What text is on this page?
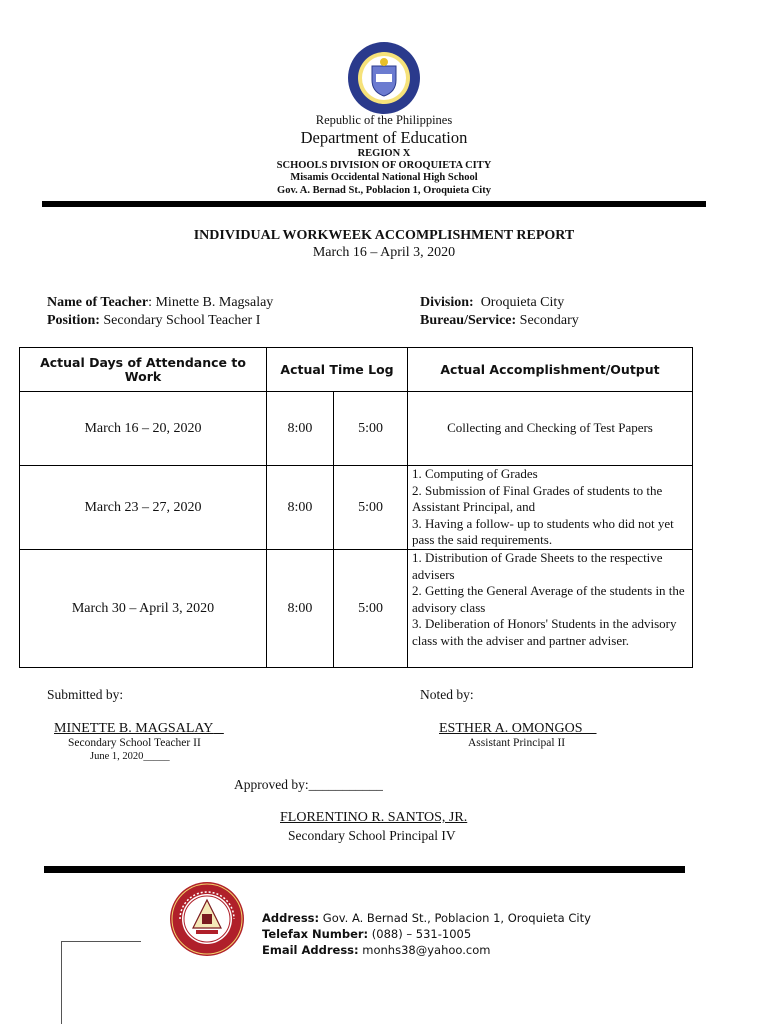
Republic of the Philippines
Department of Education
REGION X
SCHOOLS DIVISION OF OROQUIETA CITY
Misamis Occidental National High School
Gov. A. Bernad St., Poblacion 1, Oroquieta City
INDIVIDUAL WORKWEEK ACCOMPLISHMENT REPORT
March 16 – April 3, 2020
Name of Teacher: Minette B. Magsalay
Position: Secondary School Teacher I
Division: Oroquieta City
Bureau/Service: Secondary
Actual Days of Attendance to Work	Actual Time Log		Actual Accomplishment/Output
March 16 – 20, 2020	8:00	5:00	Collecting and Checking of Test Papers

March 23 – 27, 2020	8:00	5:00	1. Computing of Grades
2. Submission of Final Grades of students to the Assistant Principal, and
3. Having a follow- up to students who did not yet pass the said requirements.

March 30 – April 3, 2020	8:00	5:00	1. Distribution of Grade Sheets to the respective advisers
2. Getting the General Average of the students in the advisory class
3. Deliberation of Honors' Students in the advisory class with the adviser and partner adviser.
Submitted by:	Noted by:
MINETTE B. MAGSALAY
Secondary School Teacher II
June 1, 2020_____
ESTHER A. OMONGOS
Assistant Principal II
Approved by:___________
FLORENTINO R. SANTOS, JR.
Secondary School Principal IV
Address: Gov. A. Bernad St., Poblacion 1, Oroquieta City
Telefax Number: (088) – 531-1005
Email Address: monhs38@yahoo.com
